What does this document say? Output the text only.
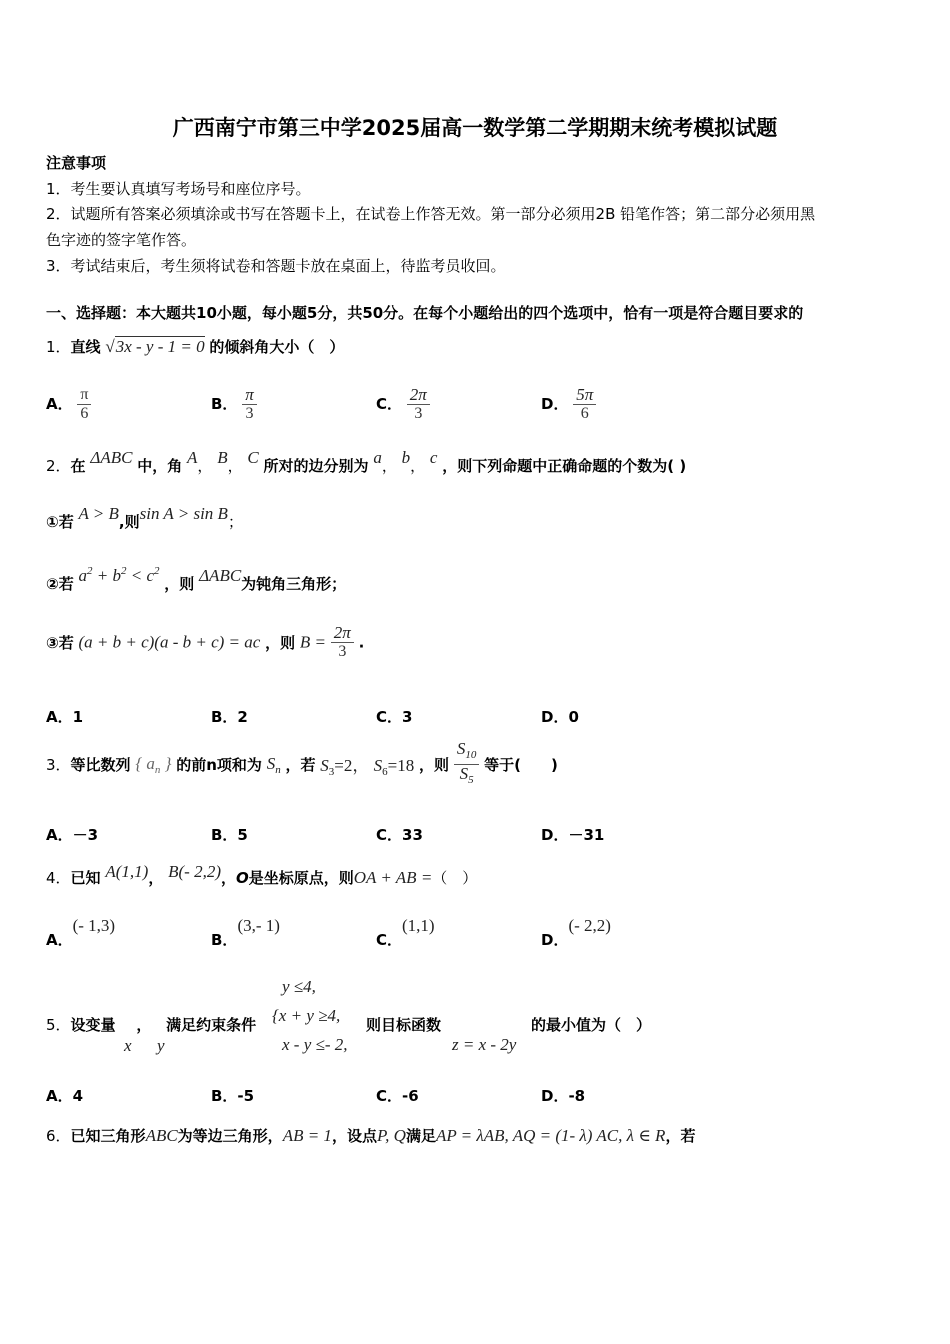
广西南宁市第三中学2025届高一数学第二学期期末统考模拟试题
注意事项
1．考生要认真填写考场号和座位序号。
2．试题所有答案必须填涂或书写在答题卡上，在试卷上作答无效。第一部分必须用2B 铅笔作答；第二部分必须用黑
色字迹的签字笔作答。
3．考试结束后，考生须将试卷和答题卡放在桌面上，待监考员收回。
一、选择题：本大题共10小题，每小题5分，共50分。在每个小题给出的四个选项中，恰有一项是符合题目要求的
1．直线 √3x - y - 1 = 0 的倾斜角大小（　）
A． $\frac{\pi}{6}$	B． $\frac{\pi}{3}$	C． $\frac{2\pi}{3}$	D． $\frac{5\pi}{6}$
2．在 ΔABC 中，角 A， B， C 所对的边分别为 a， b， c ，则下列命题中正确命题的个数为( )
①若 A > B,则sin A > sin B；
②若 $a^2 + b^2 < c^2$ ，则 ΔABC为钝角三角形；
③若 (a + b + c)(a - b + c) = ac ，则 $B = \frac{2\pi}{3}$ .
A．1	B．2	C．3	D．0
3．等比数列 { $a_n$ } 的前n项和为 $S_n$ ，若 $S_3=2$， $S_6=18$ ，则 $\frac{S_{10}}{S_5}$ 等于(　　)
A．－3	B．5	C．33	D．－31
4．已知 A(1,1)， B(- 2,2)，O是坐标原点，则OA + AB =（　）
A．(- 1,3)
B．(3,- 1)
C．(1,1)
D．(- 2,2)
5．设变量 ， 满足约束条件
x y
y ≤4,
{x + y ≥4,
x - y ≤- 2,
则目标函数
z = x - 2y
的最小值为（　）
A．4	B．-5	C．-6	D．-8
6．已知三角形ABC为等边三角形，AB = 1，设点P, Q满足AP = λAB, AQ = (1- λ) AC, λ ∈ R，若
